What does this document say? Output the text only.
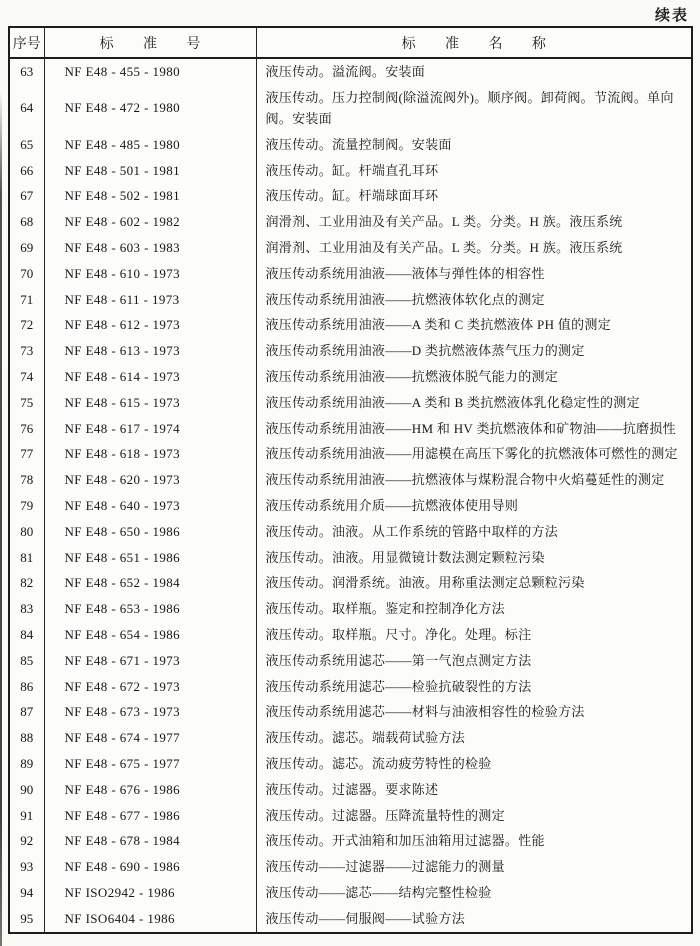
续表
序号	标准号	标准名称
63	NF E48 - 455 - 1980	液压传动。溢流阀。安装面
64	NF E48 - 472 - 1980	液压传动。压力控制阀(除溢流阀外)。顺序阀。卸荷阀。节流阀。单向阀。安装面
65	NF E48 - 485 - 1980	液压传动。流量控制阀。安装面
66	NF E48 - 501 - 1981	液压传动。缸。杆端直孔耳环
67	NF E48 - 502 - 1981	液压传动。缸。杆端球面耳环
68	NF E48 - 602 - 1982	润滑剂、工业用油及有关产品。L 类。分类。H 族。液压系统
69	NF E48 - 603 - 1983	润滑剂、工业用油及有关产品。L 类。分类。H 族。液压系统
70	NF E48 - 610 - 1973	液压传动系统用油液——液体与弹性体的相容性
71	NF E48 - 611 - 1973	液压传动系统用油液——抗燃液体软化点的测定
72	NF E48 - 612 - 1973	液压传动系统用油液——A 类和 C 类抗燃液体 PH 值的测定
73	NF E48 - 613 - 1973	液压传动系统用油液——D 类抗燃液体蒸气压力的测定
74	NF E48 - 614 - 1973	液压传动系统用油液——抗燃液体脱气能力的测定
75	NF E48 - 615 - 1973	液压传动系统用油液——A 类和 B 类抗燃液体乳化稳定性的测定
76	NF E48 - 617 - 1974	液压传动系统用油液——HM 和 HV 类抗燃液体和矿物油——抗磨损性
77	NF E48 - 618 - 1973	液压传动系统用油液——用滤模在高压下雾化的抗燃液体可燃性的测定
78	NF E48 - 620 - 1973	液压传动系统用油液——抗燃液体与煤粉混合物中火焰蔓延性的测定
79	NF E48 - 640 - 1973	液压传动系统用介质——抗燃液体使用导则
80	NF E48 - 650 - 1986	液压传动。油液。从工作系统的管路中取样的方法
81	NF E48 - 651 - 1986	液压传动。油液。用显微镜计数法测定颗粒污染
82	NF E48 - 652 - 1984	液压传动。润滑系统。油液。用称重法测定总颗粒污染
83	NF E48 - 653 - 1986	液压传动。取样瓶。鉴定和控制净化方法
84	NF E48 - 654 - 1986	液压传动。取样瓶。尺寸。净化。处理。标注
85	NF E48 - 671 - 1973	液压传动系统用滤芯——第一气泡点测定方法
86	NF E48 - 672 - 1973	液压传动系统用滤芯——检验抗破裂性的方法
87	NF E48 - 673 - 1973	液压传动系统用滤芯——材料与油液相容性的检验方法
88	NF E48 - 674 - 1977	液压传动。滤芯。端载荷试验方法
89	NF E48 - 675 - 1977	液压传动。滤芯。流动疲劳特性的检验
90	NF E48 - 676 - 1986	液压传动。过滤器。要求陈述
91	NF E48 - 677 - 1986	液压传动。过滤器。压降流量特性的测定
92	NF E48 - 678 - 1984	液压传动。开式油箱和加压油箱用过滤器。性能
93	NF E48 - 690 - 1986	液压传动——过滤器——过滤能力的测量
94	NF ISO2942 - 1986	液压传动——滤芯——结构完整性检验
95	NF ISO6404 - 1986	液压传动——伺服阀——试验方法
